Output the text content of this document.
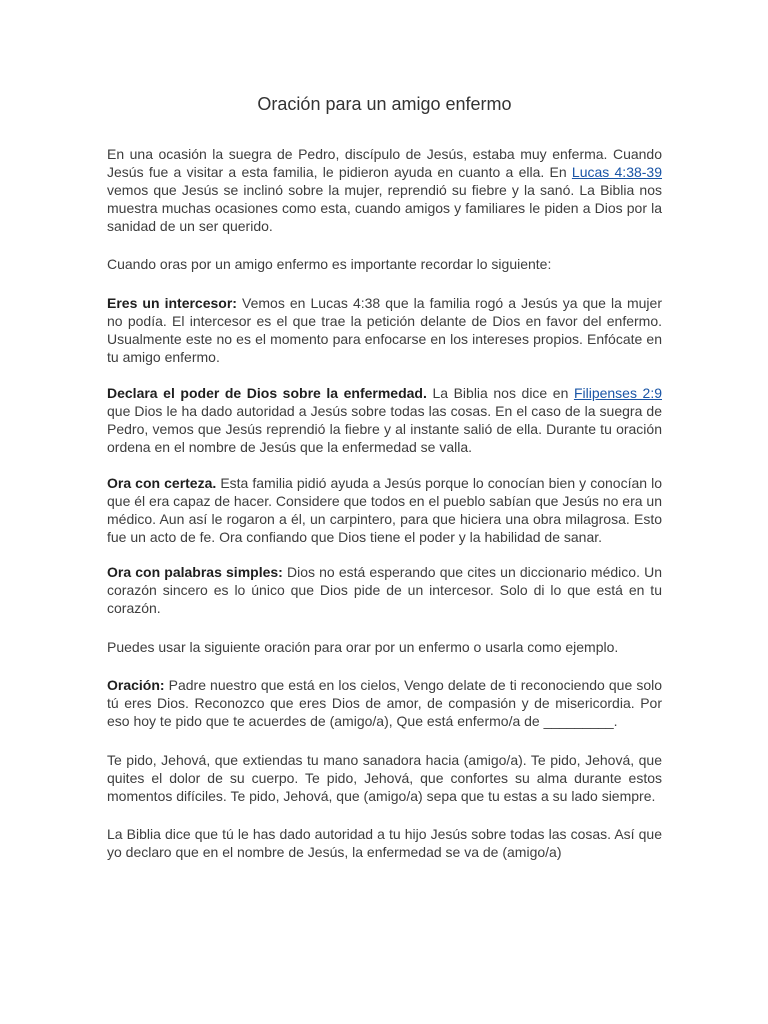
Oración para un amigo enfermo

En una ocasión la suegra de Pedro, discípulo de Jesús, estaba muy enferma. Cuando Jesús fue a visitar a esta familia, le pidieron ayuda en cuanto a ella. En Lucas 4:38-39 vemos que Jesús se inclinó sobre la mujer, reprendió su fiebre y la sanó. La Biblia nos muestra muchas ocasiones como esta, cuando amigos y familiares le piden a Dios por la sanidad de un ser querido.

Cuando oras por un amigo enfermo es importante recordar lo siguiente:

Eres un intercesor: Vemos en Lucas 4:38 que la familia rogó a Jesús ya que la mujer no podía. El intercesor es el que trae la petición delante de Dios en favor del enfermo. Usualmente este no es el momento para enfocarse en los intereses propios. Enfócate en tu amigo enfermo.

Declara el poder de Dios sobre la enfermedad. La Biblia nos dice en Filipenses 2:9 que Dios le ha dado autoridad a Jesús sobre todas las cosas. En el caso de la suegra de Pedro, vemos que Jesús reprendió la fiebre y al instante salió de ella. Durante tu oración ordena en el nombre de Jesús que la enfermedad se valla.

Ora con certeza. Esta familia pidió ayuda a Jesús porque lo conocían bien y conocían lo que él era capaz de hacer. Considere que todos en el pueblo sabían que Jesús no era un médico. Aun así le rogaron a él, un carpintero, para que hiciera una obra milagrosa. Esto fue un acto de fe. Ora confiando que Dios tiene el poder y la habilidad de sanar.

Ora con palabras simples: Dios no está esperando que cites un diccionario médico. Un corazón sincero es lo único que Dios pide de un intercesor. Solo di lo que está en tu corazón.

Puedes usar la siguiente oración para orar por un enfermo o usarla como ejemplo.

Oración: Padre nuestro que está en los cielos, Vengo delate de ti reconociendo que solo tú eres Dios. Reconozco que eres Dios de amor, de compasión y de misericordia. Por eso hoy te pido que te acuerdes de (amigo/a), Que está enfermo/a de _________.

Te pido, Jehová, que extiendas tu mano sanadora hacia (amigo/a). Te pido, Jehová, que quites el dolor de su cuerpo. Te pido, Jehová, que confortes su alma durante estos momentos difíciles. Te pido, Jehová, que (amigo/a) sepa que tu estas a su lado siempre.

La Biblia dice que tú le has dado autoridad a tu hijo Jesús sobre todas las cosas. Así que yo declaro que en el nombre de Jesús, la enfermedad se va de (amigo/a)
